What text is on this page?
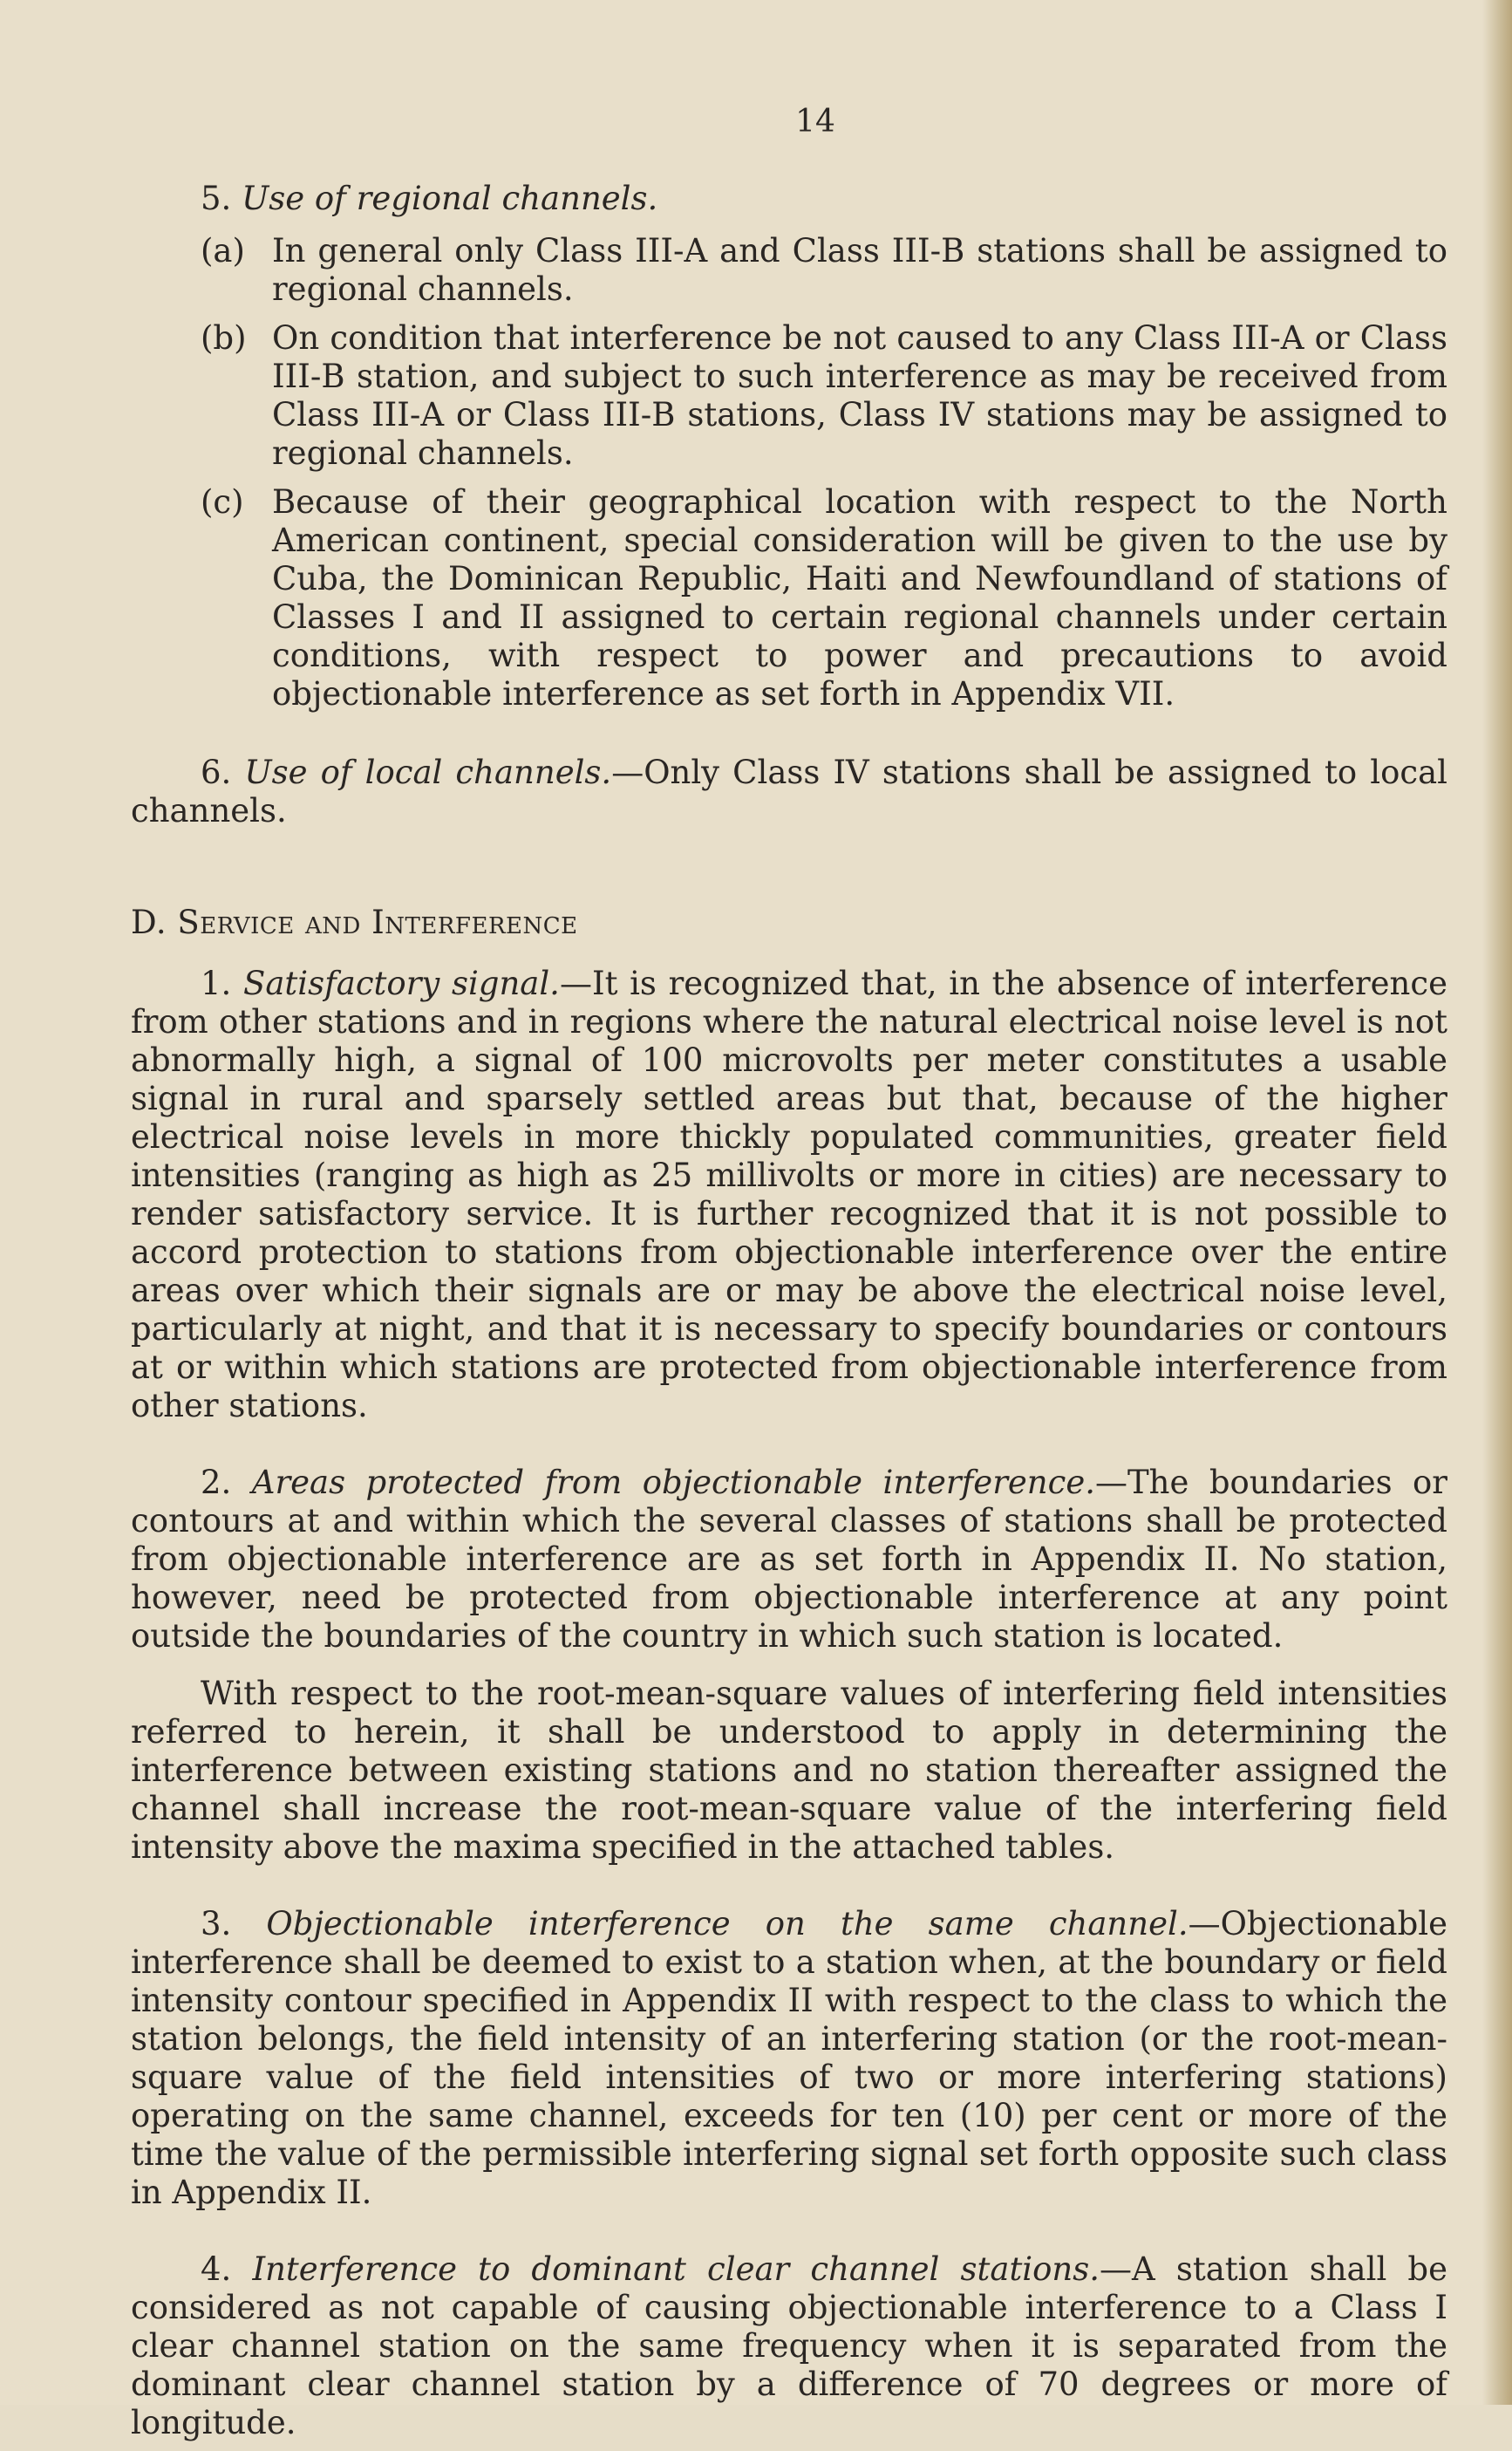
14
5. Use of regional channels.
(a) In general only Class III-A and Class III-B stations shall be assigned to regional channels.
(b) On condition that interference be not caused to any Class III-A or Class III-B station, and subject to such interference as may be received from Class III-A or Class III-B stations, Class IV stations may be assigned to regional channels.
(c) Because of their geographical location with respect to the North American continent, special consideration will be given to the use by Cuba, the Dominican Republic, Haiti and Newfoundland of stations of Classes I and II assigned to certain regional channels under certain conditions, with respect to power and precautions to avoid objectionable interference as set forth in Appendix VII.

6. Use of local channels.—Only Class IV stations shall be assigned to local channels.

D. Service and Interference

1. Satisfactory signal.—It is recognized that, in the absence of interference from other stations and in regions where the natural electrical noise level is not abnormally high, a signal of 100 microvolts per meter constitutes a usable signal in rural and sparsely settled areas but that, because of the higher electrical noise levels in more thickly populated communities, greater field intensities (ranging as high as 25 millivolts or more in cities) are necessary to render satisfactory service. It is further recognized that it is not possible to accord protection to stations from objectionable interference over the entire areas over which their signals are or may be above the electrical noise level, particularly at night, and that it is necessary to specify boundaries or contours at or within which stations are protected from objectionable interference from other stations.

2. Areas protected from objectionable interference.—The boundaries or contours at and within which the several classes of stations shall be protected from objectionable interference are as set forth in Appendix II. No station, however, need be protected from objectionable interference at any point outside the boundaries of the country in which such station is located.

With respect to the root-mean-square values of interfering field intensities referred to herein, it shall be understood to apply in determining the interference between existing stations and no station thereafter assigned the channel shall increase the root-mean-square value of the interfering field intensity above the maxima specified in the attached tables.

3. Objectionable interference on the same channel.—Objectionable interference shall be deemed to exist to a station when, at the boundary or field intensity contour specified in Appendix II with respect to the class to which the station belongs, the field intensity of an interfering station (or the root-mean-square value of the field intensities of two or more interfering stations) operating on the same channel, exceeds for ten (10) per cent or more of the time the value of the permissible interfering signal set forth opposite such class in Appendix II.

4. Interference to dominant clear channel stations.—A station shall be considered as not capable of causing objectionable interference to a Class I clear channel station on the same frequency when it is separated from the dominant clear channel station by a difference of 70 degrees or more of longitude.
